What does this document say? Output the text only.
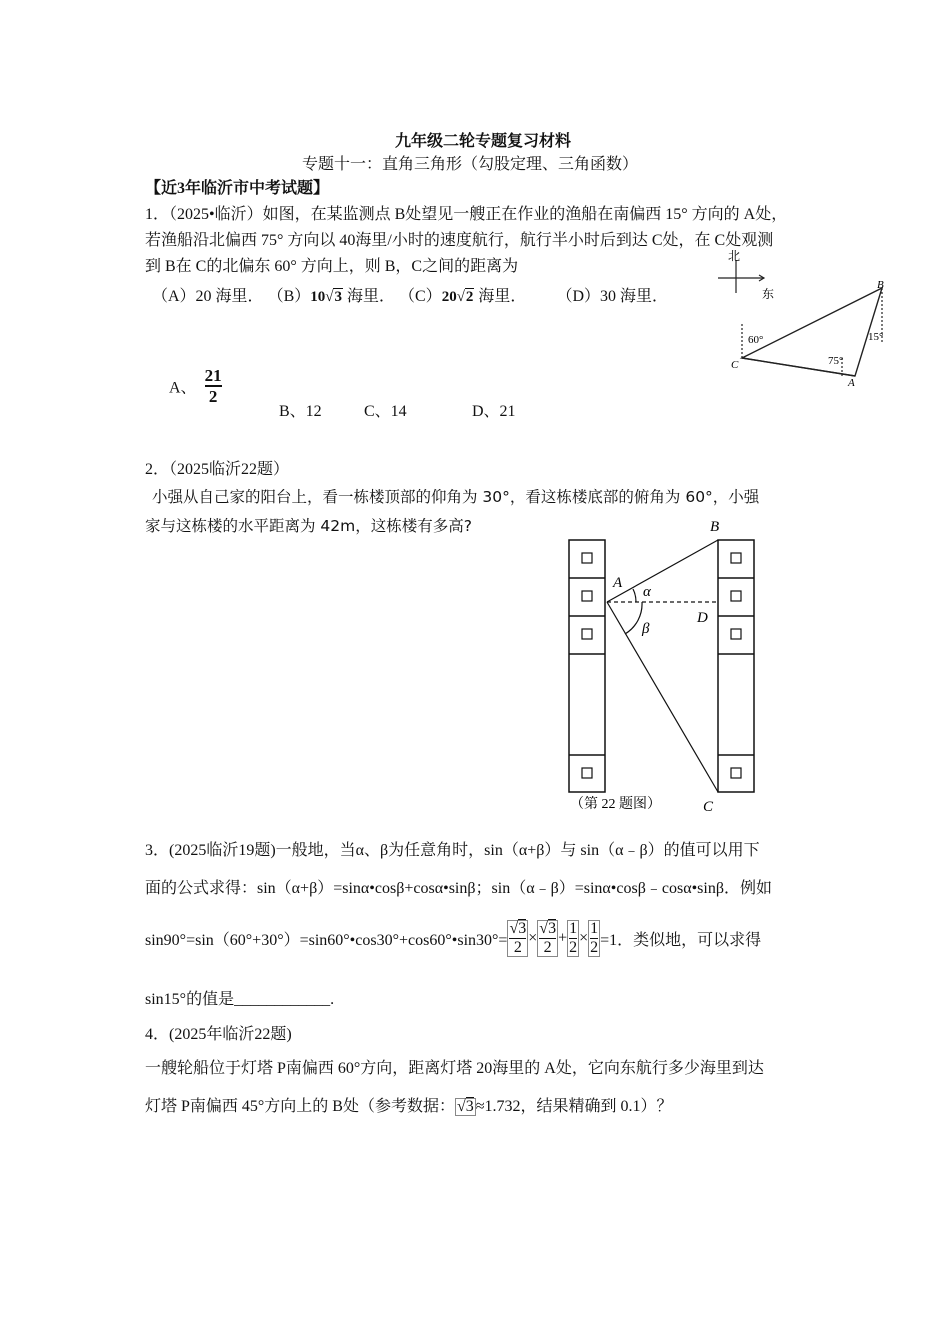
九年级二轮专题复习材料
专题十一：直角三角形（勾股定理、三角函数）
【近3年临沂市中考试题】
1．（2025•临沂）如图，在某监测点 B处望见一艘正在作业的渔船在南偏西 15° 方向的 A处，
若渔船沿北偏西 75° 方向以 40海里/小时的速度航行，航行半小时后到达 C处，在 C处观测
到 B在 C的北偏东 60° 方向上，则 B，C之间的距离为
（A）20 海里． （B）10√3 海里． （C）20√2 海里． （D）30 海里．
北
东
B
C
A
60°
75°
15°
A、 $\frac{21}{2}$
B、12	C、14	D、21
2．（2025临沂22题）
小强从自己家的阳台上，看一栋楼顶部的仰角为 30°，看这栋楼底部的俯角为 60°，小强
家与这栋楼的水平距离为 42m，这栋楼有多高?
A
B
C
D
α
β
（第 22 题图）
3．(2025临沂19题)一般地，当α、β为任意角时，sin（α+β）与 sin（α﹣β）的值可以用下
面的公式求得：sin（α+β）=sinα•cosβ+cosα•sinβ；sin（α﹣β）=sinα•cosβ﹣cosα•sinβ．例如
sin90°=sin（60°+30°）=sin60°•cos30°+cos60°•sin30°= $\frac{√3}{2} \times \frac{√3}{2} + \frac{1}{2} \times \frac{1}{2} =1$．类似地，可以求得
sin15°的值是____________.
4．(2025年临沂22题)
一艘轮船位于灯塔 P南偏西 60°方向，距离灯塔 20海里的 A处，它向东航行多少海里到达
灯塔 P南偏西 45°方向上的 B处（参考数据： √3 ≈1.732，结果精确到 0.1）？
